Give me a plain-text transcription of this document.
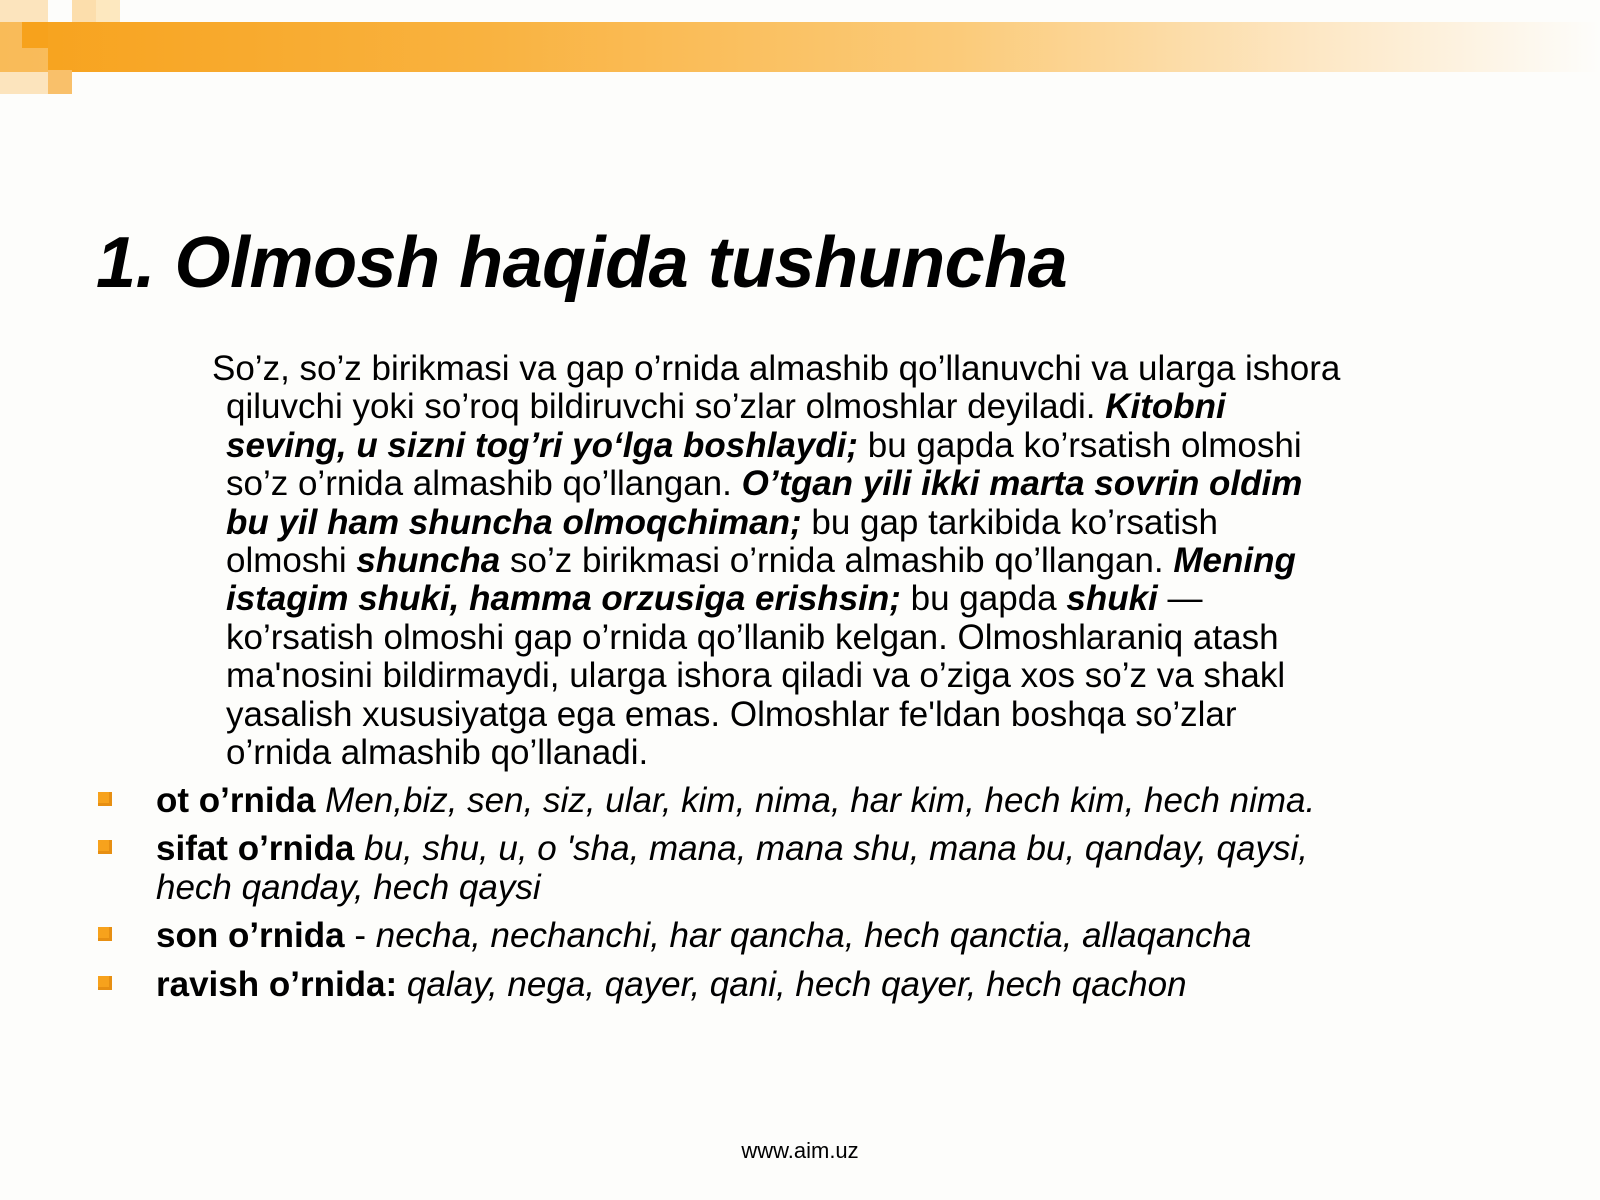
1. Olmosh haqida tushuncha
So’z, so’z birikmasi va gap o’rnida almashib qo’llanuvchi va ularga ishora
qiluvchi yoki so’roq bildiruvchi so’zlar olmoshlar deyiladi. Kitobni
seving, u sizni tog’ri yo‘lga boshlaydi; bu gapda ko’rsatish olmoshi
so’z o’rnida almashib qo’llangan. O’tgan yili ikki marta sovrin oldim
bu yil ham shuncha olmoqchiman; bu gap tarkibida ko’rsatish
olmoshi shuncha so’z birikmasi o’rnida almashib qo’llangan. Mening
istagim shuki, hamma orzusiga erishsin; bu gapda shuki —
ko’rsatish olmoshi gap o’rnida qo’llanib kelgan. Olmoshlaraniq atash
ma'nosini bildirmaydi, ularga ishora qiladi va o’ziga xos so’z va shakl
yasalish xususiyatga ega emas. Olmoshlar fe'ldan boshqa so’zlar
o’rnida almashib qo’llanadi.
ot o’rnida Men,biz, sen, siz, ular, kim, nima, har kim, hech kim, hech nima.
sifat o’rnida bu, shu, u, o 'sha, mana, mana shu, mana bu, qanday, qaysi,
hech qanday, hech qaysi
son o’rnida - necha, nechanchi, har qancha, hech qanctia, allaqancha
ravish o’rnida: qalay, nega, qayer, qani, hech qayer, hech qachon
www.aim.uz
